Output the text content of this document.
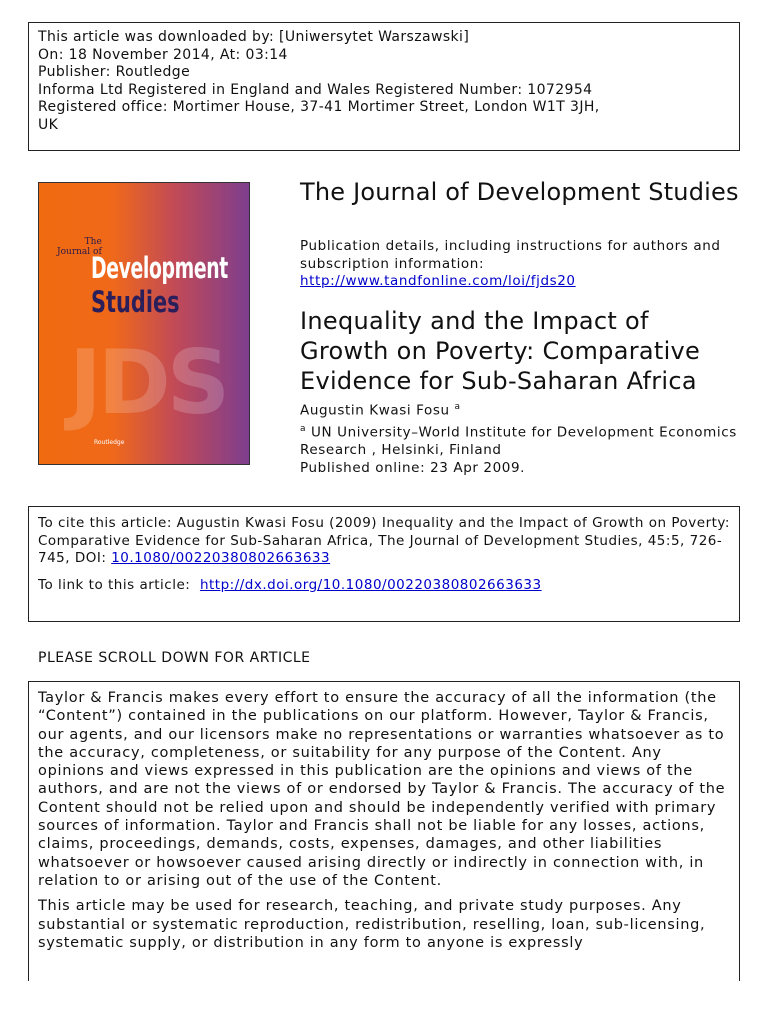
This article was downloaded by: [Uniwersytet Warszawski]
On: 18 November 2014, At: 03:14
Publisher: Routledge
Informa Ltd Registered in England and Wales Registered Number: 1072954
Registered office: Mortimer House, 37-41 Mortimer Street, London W1T 3JH,
UK
JDS
The
Journal of
Development
Studies
Routledge
The Journal of Development Studies
Publication details, including instructions for authors and subscription information:
http://www.tandfonline.com/loi/fjds20
Inequality and the Impact of Growth on Poverty: Comparative Evidence for Sub-Saharan Africa
Augustin Kwasi Fosu $^a$
$^a$ UN University–World Institute for Development Economics Research , Helsinki, Finland
Published online: 23 Apr 2009.

To cite this article: Augustin Kwasi Fosu (2009) Inequality and the Impact of Growth on Poverty: Comparative Evidence for Sub-Saharan Africa, The Journal of Development Studies, 45:5, 726-745, DOI: 10.1080/00220380802663633

To link to this article: http://dx.doi.org/10.1080/00220380802663633

PLEASE SCROLL DOWN FOR ARTICLE

Taylor & Francis makes every effort to ensure the accuracy of all the information (the “Content”) contained in the publications on our platform. However, Taylor & Francis, our agents, and our licensors make no representations or warranties whatsoever as to the accuracy, completeness, or suitability for any purpose of the Content. Any opinions and views expressed in this publication are the opinions and views of the authors, and are not the views of or endorsed by Taylor & Francis. The accuracy of the Content should not be relied upon and should be independently verified with primary sources of information. Taylor and Francis shall not be liable for any losses, actions, claims, proceedings, demands, costs, expenses, damages, and other liabilities whatsoever or howsoever caused arising directly or indirectly in connection with, in relation to or arising out of the use of the Content.

This article may be used for research, teaching, and private study purposes. Any substantial or systematic reproduction, redistribution, reselling, loan, sub-licensing, systematic supply, or distribution in any form to anyone is expressly
